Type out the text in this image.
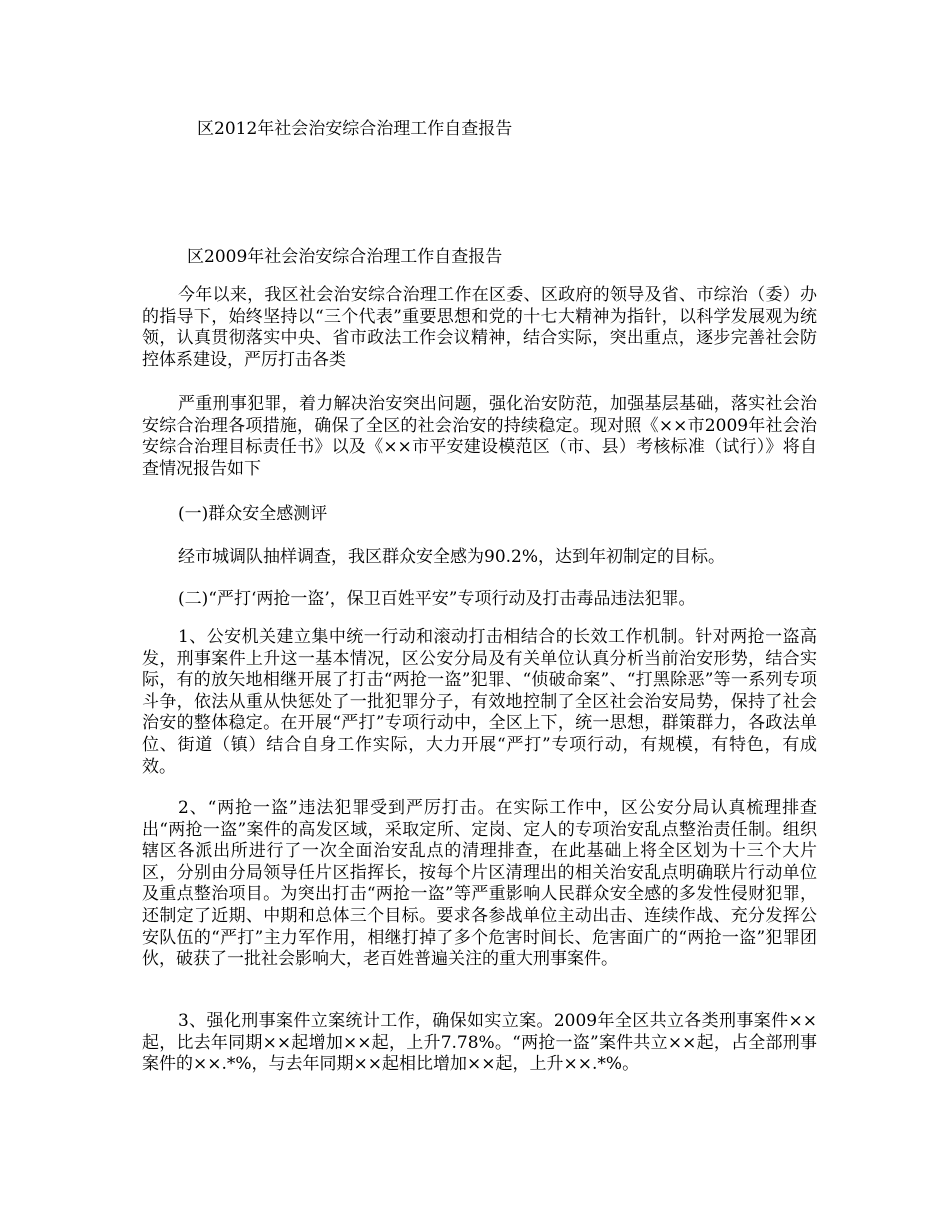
区2012年社会治安综合治理工作自查报告
区2009年社会治安综合治理工作自查报告
今年以来，我区社会治安综合治理工作在区委、区政府的领导及省、市综治（委）办的指导下，始终坚持以“三个代表”重要思想和党的十七大精神为指针，以科学发展观为统领，认真贯彻落实中央、省市政法工作会议精神，结合实际，突出重点，逐步完善社会防控体系建设，严厉打击各类
严重刑事犯罪，着力解决治安突出问题，强化治安防范，加强基层基础，落实社会治安综合治理各项措施，确保了全区的社会治安的持续稳定。现对照《××市2009年社会治安综合治理目标责任书》以及《××市平安建设模范区（市、县）考核标准（试行）》将自查情况报告如下
(一)群众安全感测评
经市城调队抽样调查，我区群众安全感为90.2%，达到年初制定的目标。
(二)“严打‘两抢一盗’，保卫百姓平安”专项行动及打击毒品违法犯罪。
1、公安机关建立集中统一行动和滚动打击相结合的长效工作机制。针对两抢一盗高发，刑事案件上升这一基本情况，区公安分局及有关单位认真分析当前治安形势，结合实际，有的放矢地相继开展了打击“两抢一盗”犯罪、“侦破命案”、“打黑除恶”等一系列专项斗争，依法从重从快惩处了一批犯罪分子，有效地控制了全区社会治安局势，保持了社会治安的整体稳定。在开展“严打”专项行动中，全区上下，统一思想，群策群力，各政法单位、街道（镇）结合自身工作实际，大力开展“严打”专项行动，有规模，有特色，有成效。
2、“两抢一盗”违法犯罪受到严厉打击。在实际工作中，区公安分局认真梳理排查出“两抢一盗”案件的高发区域，采取定所、定岗、定人的专项治安乱点整治责任制。组织辖区各派出所进行了一次全面治安乱点的清理排查，在此基础上将全区划为十三个大片区，分别由分局领导任片区指挥长，按每个片区清理出的相关治安乱点明确联片行动单位及重点整治项目。为突出打击“两抢一盗”等严重影响人民群众安全感的多发性侵财犯罪，还制定了近期、中期和总体三个目标。要求各参战单位主动出击、连续作战、充分发挥公安队伍的“严打”主力军作用，相继打掉了多个危害时间长、危害面广的“两抢一盗”犯罪团伙，破获了一批社会影响大，老百姓普遍关注的重大刑事案件。
3、强化刑事案件立案统计工作，确保如实立案。2009年全区共立各类刑事案件××起，比去年同期××起增加××起，上升7.78%。“两抢一盗”案件共立××起，占全部刑事案件的××.*%，与去年同期××起相比增加××起，上升××.*%。
